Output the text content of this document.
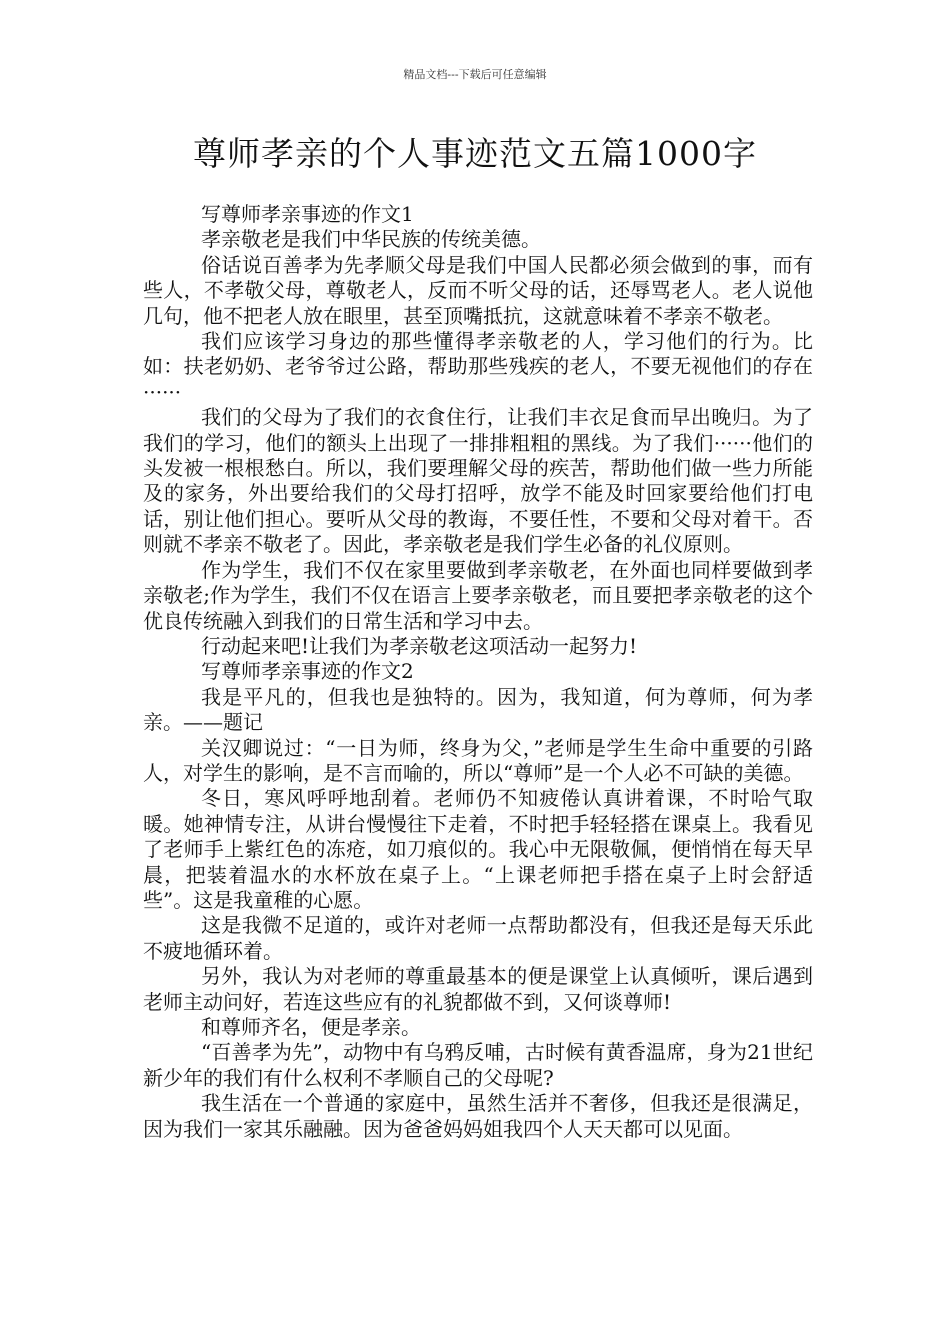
精品文档---下载后可任意编辑
尊师孝亲的个人事迹范文五篇1000字

写尊师孝亲事迹的作文1

孝亲敬老是我们中华民族的传统美德。

俗话说百善孝为先孝顺父母是我们中国人民都必须会做到的事，而有些人，不孝敬父母，尊敬老人，反而不听父母的话，还辱骂老人。老人说他几句，他不把老人放在眼里，甚至顶嘴抵抗，这就意味着不孝亲不敬老。

我们应该学习身边的那些懂得孝亲敬老的人，学习他们的行为。比如：扶老奶奶、老爷爷过公路，帮助那些残疾的老人，不要无视他们的存在······

我们的父母为了我们的衣食住行，让我们丰衣足食而早出晚归。为了我们的学习，他们的额头上出现了一排排粗粗的黑线。为了我们······他们的头发被一根根愁白。所以，我们要理解父母的疾苦，帮助他们做一些力所能及的家务，外出要给我们的父母打招呼，放学不能及时回家要给他们打电话，别让他们担心。要听从父母的教诲，不要任性，不要和父母对着干。否则就不孝亲不敬老了。因此，孝亲敬老是我们学生必备的礼仪原则。

作为学生，我们不仅在家里要做到孝亲敬老，在外面也同样要做到孝亲敬老;作为学生，我们不仅在语言上要孝亲敬老，而且要把孝亲敬老的这个优良传统融入到我们的日常生活和学习中去。

行动起来吧!让我们为孝亲敬老这项活动一起努力!

写尊师孝亲事迹的作文2

我是平凡的，但我也是独特的。因为，我知道，何为尊师，何为孝亲。——题记

关汉卿说过：“一日为师，终身为父，”老师是学生生命中重要的引路人，对学生的影响，是不言而喻的，所以“尊师”是一个人必不可缺的美德。

冬日，寒风呼呼地刮着。老师仍不知疲倦认真讲着课，不时哈气取暖。她神情专注，从讲台慢慢往下走着，不时把手轻轻搭在课桌上。我看见了老师手上紫红色的冻疮，如刀痕似的。我心中无限敬佩，便悄悄在每天早晨，把装着温水的水杯放在桌子上。“上课老师把手搭在桌子上时会舒适些”。这是我童稚的心愿。

这是我微不足道的，或许对老师一点帮助都没有，但我还是每天乐此不疲地循环着。

另外，我认为对老师的尊重最基本的便是课堂上认真倾听，课后遇到老师主动问好，若连这些应有的礼貌都做不到，又何谈尊师!

和尊师齐名，便是孝亲。

“百善孝为先”，动物中有乌鸦反哺，古时候有黄香温席，身为21世纪新少年的我们有什么权利不孝顺自己的父母呢?

我生活在一个普通的家庭中，虽然生活并不奢侈，但我还是很满足，因为我们一家其乐融融。因为爸爸妈妈姐我四个人天天都可以见面。
